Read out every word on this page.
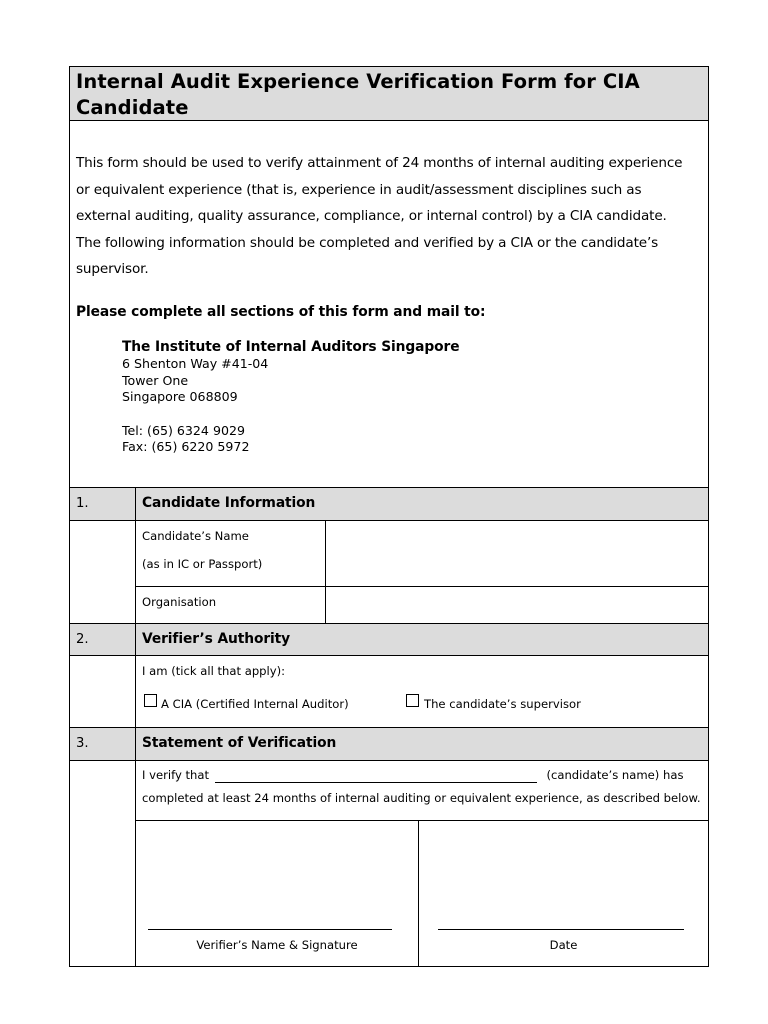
Internal Audit Experience Verification Form for CIA
Candidate

This form should be used to verify attainment of 24 months of internal auditing experience

or equivalent experience (that is, experience in audit/assessment disciplines such as

external auditing, quality assurance, compliance, or internal control) by a CIA candidate.

The following information should be completed and verified by a CIA or the candidate’s

supervisor.

Please complete all sections of this form and mail to:
The Institute of Internal Auditors Singapore
6 Shenton Way #41-04
Tower One
Singapore 068809
Tel: (65) 6324 9029
Fax: (65) 6220 5972
1.	Candidate Information
Candidate’s Name
(as in IC or Passport)
Organisation
2.	Verifier’s Authority
I am (tick all that apply):
A CIA (Certified Internal Auditor)	The candidate’s supervisor
3.	Statement of Verification
I verify that	(candidate’s name) has
completed at least 24 months of internal auditing or equivalent experience, as described below.
Verifier’s Name & Signature	Date
